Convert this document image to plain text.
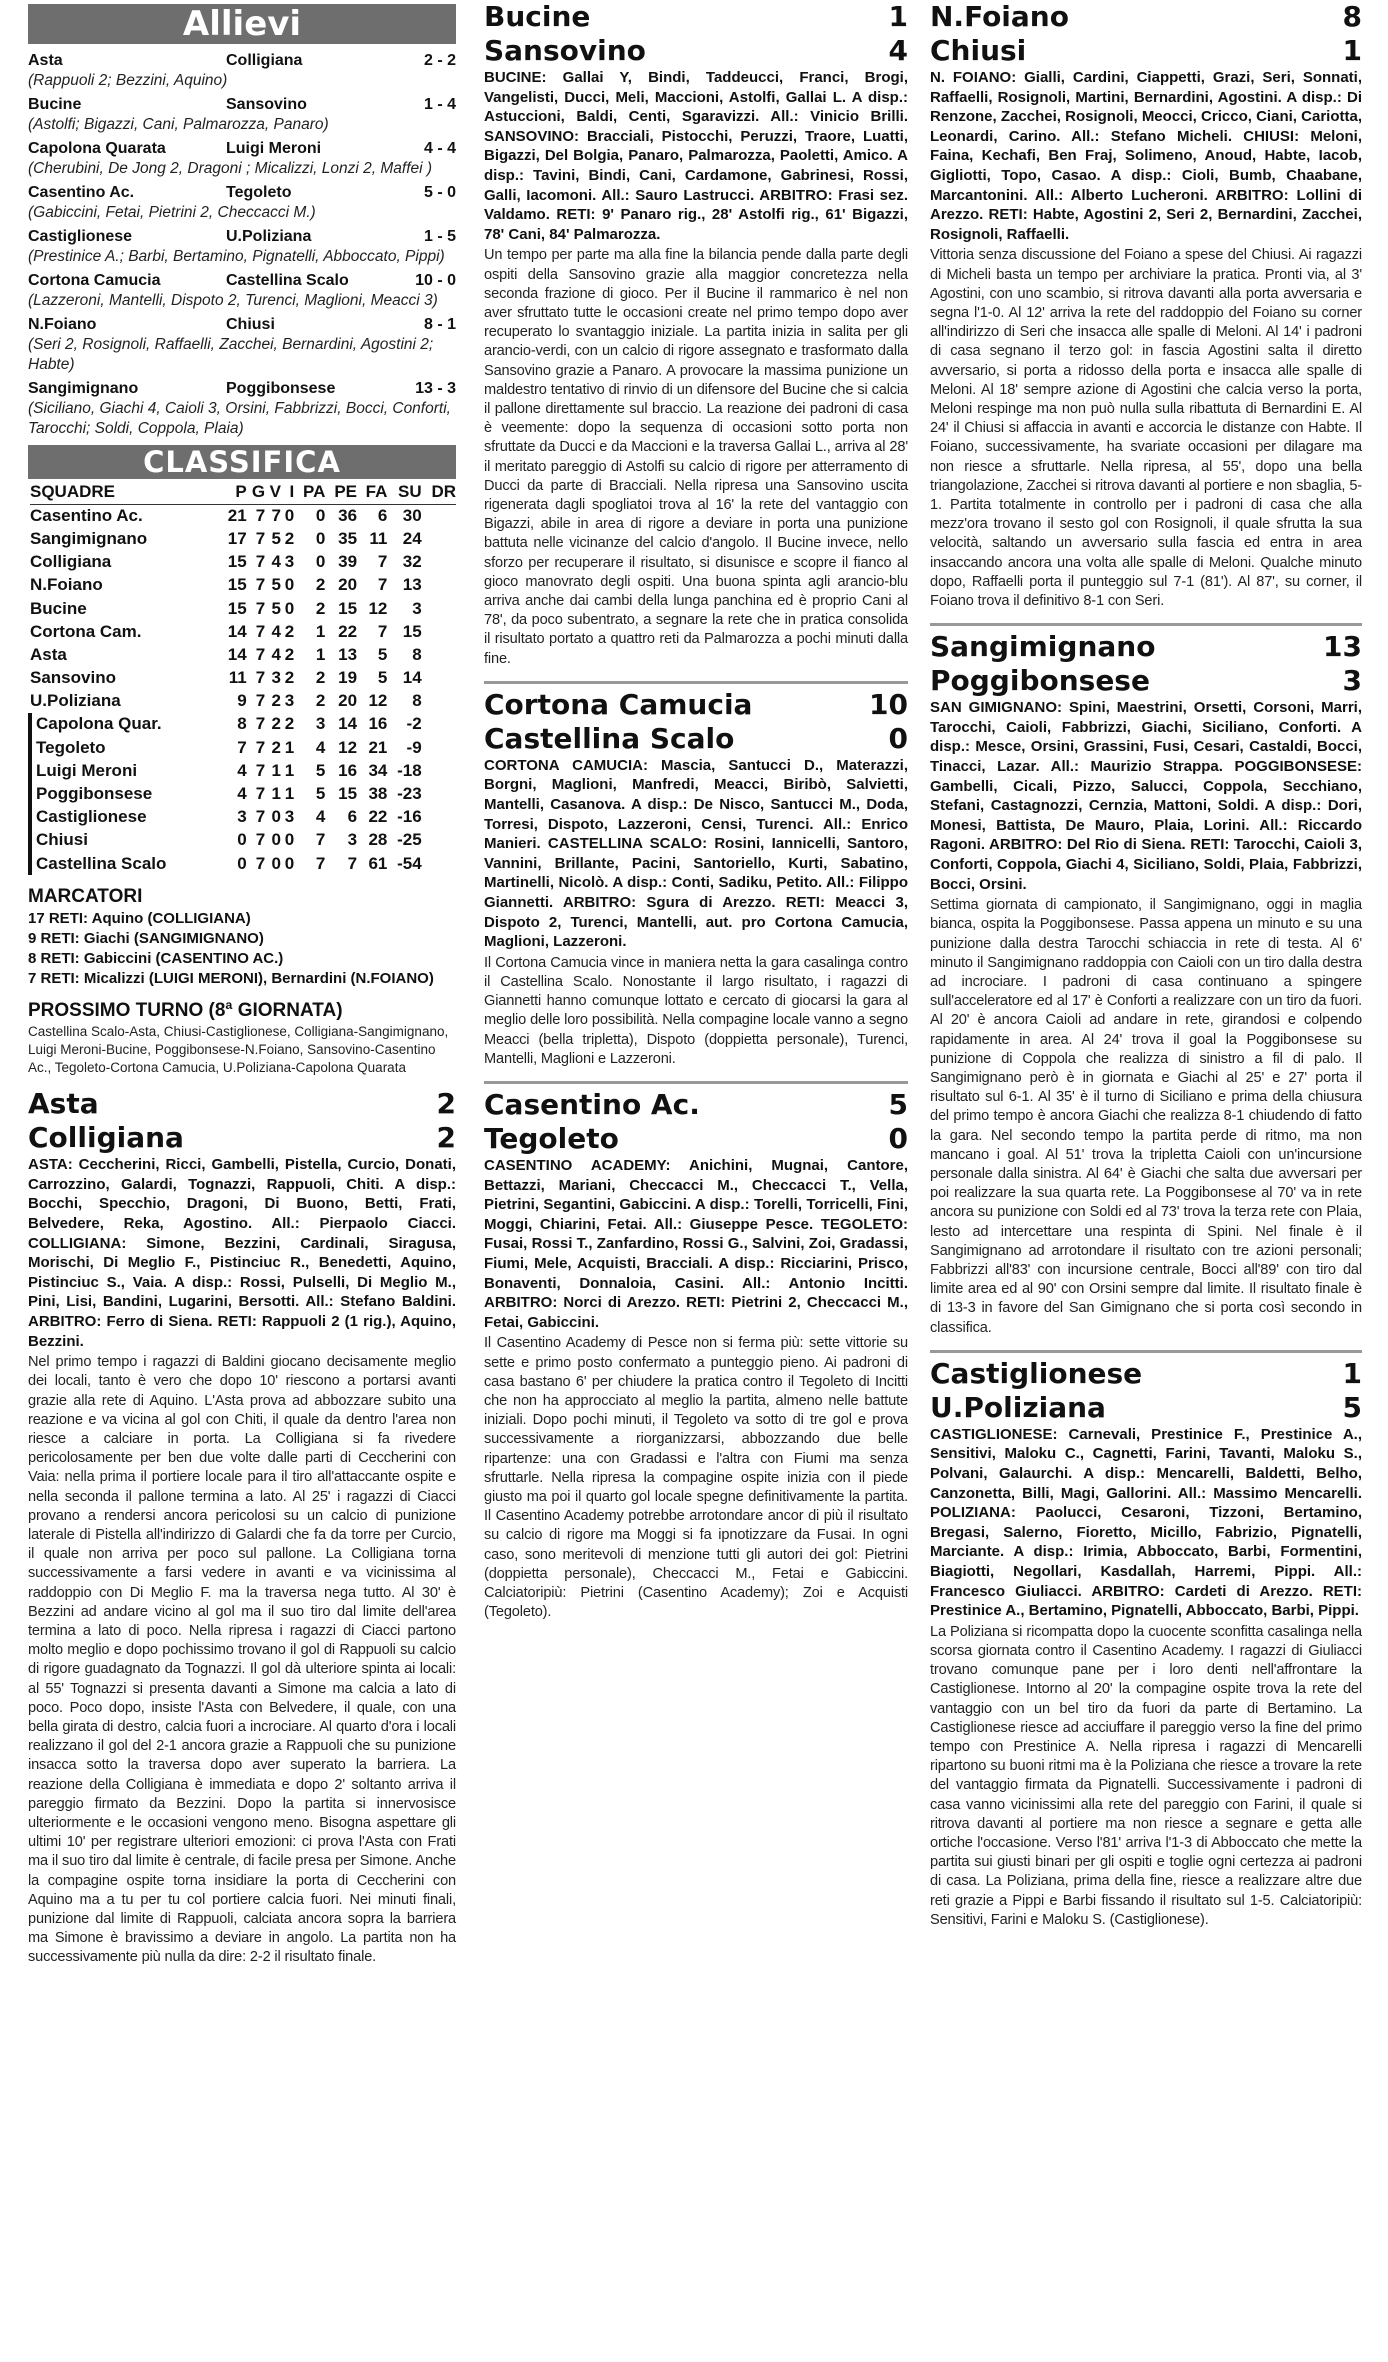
Allievi
Asta	Colligiana	2 - 2
(Rappuoli 2; Bezzini, Aquino)
Bucine	Sansovino	1 - 4
(Astolfi; Bigazzi, Cani, Palmarozza, Panaro)
Capolona Quarata	Luigi Meroni	4 - 4
(Cherubini, De Jong 2, Dragoni ; Micalizzi, Lonzi 2, Maffei )
Casentino Ac.	Tegoleto	5 - 0
(Gabiccini, Fetai, Pietrini 2, Checcacci M.)
Castiglionese	U.Poliziana	1 - 5
(Prestinice A.; Barbi, Bertamino, Pignatelli, Abboccato, Pippi)
Cortona Camucia	Castellina Scalo	10 - 0
(Lazzeroni, Mantelli, Dispoto 2, Turenci, Maglioni, Meacci 3)
N.Foiano	Chiusi	8 - 1
(Seri 2, Rosignoli, Raffaelli, Zacchei, Bernardini, Agostini 2; Habte)
Sangimignano	Poggibonsese	13 - 3
(Siciliano, Giachi 4, Caioli 3, Orsini, Fabbrizzi, Bocci, Conforti, Tarocchi; Soldi, Coppola, Plaia)
CLASSIFICA
SQUADRE	P	G	V	I	PA	PE	FA	SU	DR
Casentino Ac.	21	7	7	0	0	36	6	30	
Sangimignano	17	7	5	2	0	35	11	24	
Colligiana	15	7	4	3	0	39	7	32	
N.Foiano	15	7	5	0	2	20	7	13	
Bucine	15	7	5	0	2	15	12	3	
Cortona Cam.	14	7	4	2	1	22	7	15	
Asta	14	7	4	2	1	13	5	8	
Sansovino	11	7	3	2	2	19	5	14	
U.Poliziana	9	7	2	3	2	20	12	8	
Capolona Quar.	8	7	2	2	3	14	16	-2	
Tegoleto	7	7	2	1	4	12	21	-9	
Luigi Meroni	4	7	1	1	5	16	34	-18	
Poggibonsese	4	7	1	1	5	15	38	-23	
Castiglionese	3	7	0	3	4	6	22	-16	
Chiusi	0	7	0	0	7	3	28	-25	
Castellina Scalo	0	7	0	0	7	7	61	-54	
MARCATORI
17 RETI: Aquino (COLLIGIANA)
9 RETI: Giachi (SANGIMIGNANO)
8 RETI: Gabiccini (CASENTINO AC.)
7 RETI: Micalizzi (LUIGI MERONI), Bernardini (N.FOIANO)
PROSSIMO TURNO (8ª GIORNATA)
Castellina Scalo-Asta, Chiusi-Castiglionese, Colligiana-Sangimignano, Luigi Meroni-Bucine, Poggibonsese-N.Foiano, Sansovino-Casentino Ac., Tegoleto-Cortona Camucia, U.Poliziana-Capolona Quarata
Asta	2
Colligiana	2
ASTA: Ceccherini, Ricci, Gambelli, Pistella, Curcio, Donati, Carrozzino, Galardi, Tognazzi, Rappuoli, Chiti. A disp.: Bocchi, Specchio, Dragoni, Di Buono, Betti, Frati, Belvedere, Reka, Agostino. All.: Pierpaolo Ciacci. COLLIGIANA: Simone, Bezzini, Cardinali, Siragusa, Morischi, Di Meglio F., Pistinciuc R., Benedetti, Aquino, Pistinciuc S., Vaia. A disp.: Rossi, Pulselli, Di Meglio M., Pini, Lisi, Bandini, Lugarini, Bersotti. All.: Stefano Baldini. ARBITRO: Ferro di Siena. RETI: Rappuoli 2 (1 rig.), Aquino, Bezzini.
Nel primo tempo i ragazzi di Baldini giocano decisamente meglio dei locali, tanto è vero che dopo 10' riescono a portarsi avanti grazie alla rete di Aquino. L'Asta prova ad abbozzare subito una reazione e va vicina al gol con Chiti, il quale da dentro l'area non riesce a calciare in porta. La Colligiana si fa rivedere pericolosamente per ben due volte dalle parti di Ceccherini con Vaia: nella prima il portiere locale para il tiro all'attaccante ospite e nella seconda il pallone termina a lato. Al 25' i ragazzi di Ciacci provano a rendersi ancora pericolosi su un calcio di punizione laterale di Pistella all'indirizzo di Galardi che fa da torre per Curcio, il quale non arriva per poco sul pallone. La Colligiana torna successivamente a farsi vedere in avanti e va vicinissima al raddoppio con Di Meglio F. ma la traversa nega tutto. Al 30' è Bezzini ad andare vicino al gol ma il suo tiro dal limite dell'area termina a lato di poco. Nella ripresa i ragazzi di Ciacci partono molto meglio e dopo pochissimo trovano il gol di Rappuoli su calcio di rigore guadagnato da Tognazzi. Il gol dà ulteriore spinta ai locali: al 55' Tognazzi si presenta davanti a Simone ma calcia a lato di poco. Poco dopo, insiste l'Asta con Belvedere, il quale, con una bella girata di destro, calcia fuori a incrociare. Al quarto d'ora i locali realizzano il gol del 2-1 ancora grazie a Rappuoli che su punizione insacca sotto la traversa dopo aver superato la barriera. La reazione della Colligiana è immediata e dopo 2' soltanto arriva il pareggio firmato da Bezzini. Dopo la partita si innervosisce ulteriormente e le occasioni vengono meno. Bisogna aspettare gli ultimi 10' per registrare ulteriori emozioni: ci prova l'Asta con Frati ma il suo tiro dal limite è centrale, di facile presa per Simone. Anche la compagine ospite torna insidiare la porta di Ceccherini con Aquino ma a tu per tu col portiere calcia fuori. Nei minuti finali, punizione dal limite di Rappuoli, calciata ancora sopra la barriera ma Simone è bravissimo a deviare in angolo. La partita non ha successivamente più nulla da dire: 2-2 il risultato finale.
Bucine	1
Sansovino	4
BUCINE: Gallai Y, Bindi, Taddeucci, Franci, Brogi, Vangelisti, Ducci, Meli, Maccioni, Astolfi, Gallai L. A disp.: Astuccioni, Baldi, Centi, Sgaravizzi. All.: Vinicio Brilli. SANSOVINO: Bracciali, Pistocchi, Peruzzi, Traore, Luatti, Bigazzi, Del Bolgia, Panaro, Palmarozza, Paoletti, Amico. A disp.: Tavini, Bindi, Cani, Cardamone, Gabrinesi, Rossi, Galli, Iacomoni. All.: Sauro Lastrucci. ARBITRO: Frasi sez. Valdamo. RETI: 9' Panaro rig., 28' Astolfi rig., 61' Bigazzi, 78' Cani, 84' Palmarozza.
Un tempo per parte ma alla fine la bilancia pende dalla parte degli ospiti della Sansovino grazie alla maggior concretezza nella seconda frazione di gioco. Per il Bucine il rammarico è nel non aver sfruttato tutte le occasioni create nel primo tempo dopo aver recuperato lo svantaggio iniziale. La partita inizia in salita per gli arancio-verdi, con un calcio di rigore assegnato e trasformato dalla Sansovino grazie a Panaro. A provocare la massima punizione un maldestro tentativo di rinvio di un difensore del Bucine che si calcia il pallone direttamente sul braccio. La reazione dei padroni di casa è veemente: dopo la sequenza di occasioni sotto porta non sfruttate da Ducci e da Maccioni e la traversa Gallai L., arriva al 28' il meritato pareggio di Astolfi su calcio di rigore per atterramento di Ducci da parte di Bracciali. Nella ripresa una Sansovino uscita rigenerata dagli spogliatoi trova al 16' la rete del vantaggio con Bigazzi, abile in area di rigore a deviare in porta una punizione battuta nelle vicinanze del calcio d'angolo. Il Bucine invece, nello sforzo per recuperare il risultato, si disunisce e scopre il fianco al gioco manovrato degli ospiti. Una buona spinta agli arancio-blu arriva anche dai cambi della lunga panchina ed è proprio Cani al 78', da poco subentrato, a segnare la rete che in pratica consolida il risultato portato a quattro reti da Palmarozza a pochi minuti dalla fine.
Cortona Camucia	10
Castellina Scalo	0
CORTONA CAMUCIA: Mascia, Santucci D., Materazzi, Borgni, Maglioni, Manfredi, Meacci, Biribò, Salvietti, Mantelli, Casanova. A disp.: De Nisco, Santucci M., Doda, Torresi, Dispoto, Lazzeroni, Censi, Turenci. All.: Enrico Manieri. CASTELLINA SCALO: Rosini, Iannicelli, Santoro, Vannini, Brillante, Pacini, Santoriello, Kurti, Sabatino, Martinelli, Nicolò. A disp.: Conti, Sadiku, Petito. All.: Filippo Giannetti. ARBITRO: Sgura di Arezzo. RETI: Meacci 3, Dispoto 2, Turenci, Mantelli, aut. pro Cortona Camucia, Maglioni, Lazzeroni.
Il Cortona Camucia vince in maniera netta la gara casalinga contro il Castellina Scalo. Nonostante il largo risultato, i ragazzi di Giannetti hanno comunque lottato e cercato di giocarsi la gara al meglio delle loro possibilità. Nella compagine locale vanno a segno Meacci (bella tripletta), Dispoto (doppietta personale), Turenci, Mantelli, Maglioni e Lazzeroni.
Casentino Ac.	5
Tegoleto	0
CASENTINO ACADEMY: Anichini, Mugnai, Cantore, Bettazzi, Mariani, Checcacci M., Checcacci T., Vella, Pietrini, Segantini, Gabiccini. A disp.: Torelli, Torricelli, Fini, Moggi, Chiarini, Fetai. All.: Giuseppe Pesce. TEGOLETO: Fusai, Rossi T., Zanfardino, Rossi G., Salvini, Zoi, Gradassi, Fiumi, Mele, Acquisti, Bracciali. A disp.: Ricciarini, Prisco, Bonaventi, Donnaloia, Casini. All.: Antonio Incitti. ARBITRO: Norci di Arezzo. RETI: Pietrini 2, Checcacci M., Fetai, Gabiccini.
Il Casentino Academy di Pesce non si ferma più: sette vittorie su sette e primo posto confermato a punteggio pieno. Ai padroni di casa bastano 6' per chiudere la pratica contro il Tegoleto di Incitti che non ha approcciato al meglio la partita, almeno nelle battute iniziali. Dopo pochi minuti, il Tegoleto va sotto di tre gol e prova successivamente a riorganizzarsi, abbozzando due belle ripartenze: una con Gradassi e l'altra con Fiumi ma senza sfruttarle. Nella ripresa la compagine ospite inizia con il piede giusto ma poi il quarto gol locale spegne definitivamente la partita. Il Casentino Academy potrebbe arrotondare ancor di più il risultato su calcio di rigore ma Moggi si fa ipnotizzare da Fusai. In ogni caso, sono meritevoli di menzione tutti gli autori dei gol: Pietrini (doppietta personale), Checcacci M., Fetai e Gabiccini. Calciatoripiù: Pietrini (Casentino Academy); Zoi e Acquisti (Tegoleto).
N.Foiano	8
Chiusi	1
N. FOIANO: Gialli, Cardini, Ciappetti, Grazi, Seri, Sonnati, Raffaelli, Rosignoli, Martini, Bernardini, Agostini. A disp.: Di Renzone, Zacchei, Rosignoli, Meocci, Cricco, Ciani, Cariotta, Leonardi, Carino. All.: Stefano Micheli. CHIUSI: Meloni, Faina, Kechafi, Ben Fraj, Solimeno, Anoud, Habte, Iacob, Gigliotti, Topo, Casao. A disp.: Cioli, Bumb, Chaabane, Marcantonini. All.: Alberto Lucheroni. ARBITRO: Lollini di Arezzo. RETI: Habte, Agostini 2, Seri 2, Bernardini, Zacchei, Rosignoli, Raffaelli.
Vittoria senza discussione del Foiano a spese del Chiusi. Ai ragazzi di Micheli basta un tempo per archiviare la pratica. Pronti via, al 3' Agostini, con uno scambio, si ritrova davanti alla porta avversaria e segna l'1-0. Al 12' arriva la rete del raddoppio del Foiano su corner all'indirizzo di Seri che insacca alle spalle di Meloni. Al 14' i padroni di casa segnano il terzo gol: in fascia Agostini salta il diretto avversario, si porta a ridosso della porta e insacca alle spalle di Meloni. Al 18' sempre azione di Agostini che calcia verso la porta, Meloni respinge ma non può nulla sulla ribattuta di Bernardini E. Al 24' il Chiusi si affaccia in avanti e accorcia le distanze con Habte. Il Foiano, successivamente, ha svariate occasioni per dilagare ma non riesce a sfruttarle. Nella ripresa, al 55', dopo una bella triangolazione, Zacchei si ritrova davanti al portiere e non sbaglia, 5-1. Partita totalmente in controllo per i padroni di casa che alla mezz'ora trovano il sesto gol con Rosignoli, il quale sfrutta la sua velocità, saltando un avversario sulla fascia ed entra in area insaccando ancora una volta alle spalle di Meloni. Qualche minuto dopo, Raffaelli porta il punteggio sul 7-1 (81'). Al 87', su corner, il Foiano trova il definitivo 8-1 con Seri.
Sangimignano	13
Poggibonsese	3
SAN GIMIGNANO: Spini, Maestrini, Orsetti, Corsoni, Marri, Tarocchi, Caioli, Fabbrizzi, Giachi, Siciliano, Conforti. A disp.: Mesce, Orsini, Grassini, Fusi, Cesari, Castaldi, Bocci, Tinacci, Lazar. All.: Maurizio Strappa. POGGIBONSESE: Gambelli, Cicali, Pizzo, Salucci, Coppola, Secchiano, Stefani, Castagnozzi, Cernzia, Mattoni, Soldi. A disp.: Dori, Monesi, Battista, De Mauro, Plaia, Lorini. All.: Riccardo Ragoni. ARBITRO: Del Rio di Siena. RETI: Tarocchi, Caioli 3, Conforti, Coppola, Giachi 4, Siciliano, Soldi, Plaia, Fabbrizzi, Bocci, Orsini.
Settima giornata di campionato, il Sangimignano, oggi in maglia bianca, ospita la Poggibonsese. Passa appena un minuto e su una punizione dalla destra Tarocchi schiaccia in rete di testa. Al 6' minuto il Sangimignano raddoppia con Caioli con un tiro dalla destra ad incrociare. I padroni di casa continuano a spingere sull'acceleratore ed al 17' è Conforti a realizzare con un tiro da fuori. Al 20' è ancora Caioli ad andare in rete, girandosi e colpendo rapidamente in area. Al 24' trova il goal la Poggibonsese su punizione di Coppola che realizza di sinistro a fil di palo. Il Sangimignano però è in giornata e Giachi al 25' e 27' porta il risultato sul 6-1. Al 35' è il turno di Siciliano e prima della chiusura del primo tempo è ancora Giachi che realizza 8-1 chiudendo di fatto la gara. Nel secondo tempo la partita perde di ritmo, ma non mancano i goal. Al 51' trova la tripletta Caioli con un'incursione personale dalla sinistra. Al 64' è Giachi che salta due avversari per poi realizzare la sua quarta rete. La Poggibonsese al 70' va in rete ancora su punizione con Soldi ed al 73' trova la terza rete con Plaia, lesto ad intercettare una respinta di Spini. Nel finale è il Sangimignano ad arrotondare il risultato con tre azioni personali; Fabbrizzi all'83' con incursione centrale, Bocci all'89' con tiro dal limite area ed al 90' con Orsini sempre dal limite. Il risultato finale è di 13-3 in favore del San Gimignano che si porta così secondo in classifica.
Castiglionese	1
U.Poliziana	5
CASTIGLIONESE: Carnevali, Prestinice F., Prestinice A., Sensitivi, Maloku C., Cagnetti, Farini, Tavanti, Maloku S., Polvani, Galaurchi. A disp.: Mencarelli, Baldetti, Belho, Canzonetta, Billi, Magi, Gallorini. All.: Massimo Mencarelli. POLIZIANA: Paolucci, Cesaroni, Tizzoni, Bertamino, Bregasi, Salerno, Fioretto, Micillo, Fabrizio, Pignatelli, Marciante. A disp.: Irimia, Abboccato, Barbi, Formentini, Biagiotti, Negollari, Kasdallah, Harremi, Pippi. All.: Francesco Giuliacci. ARBITRO: Cardeti di Arezzo. RETI: Prestinice A., Bertamino, Pignatelli, Abboccato, Barbi, Pippi.
La Poliziana si ricompatta dopo la cuocente sconfitta casalinga nella scorsa giornata contro il Casentino Academy. I ragazzi di Giuliacci trovano comunque pane per i loro denti nell'affrontare la Castiglionese. Intorno al 20' la compagine ospite trova la rete del vantaggio con un bel tiro da fuori da parte di Bertamino. La Castiglionese riesce ad acciuffare il pareggio verso la fine del primo tempo con Prestinice A. Nella ripresa i ragazzi di Mencarelli ripartono su buoni ritmi ma è la Poliziana che riesce a trovare la rete del vantaggio firmata da Pignatelli. Successivamente i padroni di casa vanno vicinissimi alla rete del pareggio con Farini, il quale si ritrova davanti al portiere ma non riesce a segnare e getta alle ortiche l'occasione. Verso l'81' arriva l'1-3 di Abboccato che mette la partita sui giusti binari per gli ospiti e toglie ogni certezza ai padroni di casa. La Poliziana, prima della fine, riesce a realizzare altre due reti grazie a Pippi e Barbi fissando il risultato sul 1-5. Calciatoripiù: Sensitivi, Farini e Maloku S. (Castiglionese).
